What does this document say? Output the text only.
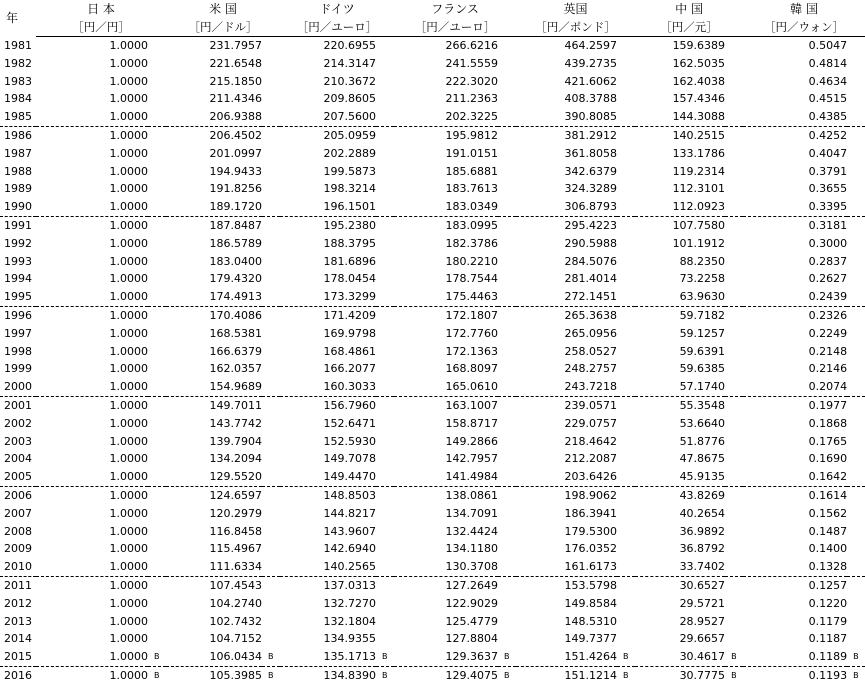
年	日 本		米 国		ドイツ		フランス		英国		中 国		韓 国	
	［円／円］		［円／ドル］		［円／ユーロ］		［円／ユーロ］		［円／ポンド］		［円／元］		［円／ウォン］	
1981	1.0000		231.7957		220.6955		266.6216		464.2597		159.6389		0.5047	
1982	1.0000		221.6548		214.3147		241.5559		439.2735		162.5035		0.4814	
1983	1.0000		215.1850		210.3672		222.3020		421.6062		162.4038		0.4634	
1984	1.0000		211.4346		209.8605		211.2363		408.3788		157.4346		0.4515	
1985	1.0000		206.9388		207.5600		202.3225		390.8085		144.3088		0.4385	
1986	1.0000		206.4502		205.0959		195.9812		381.2912		140.2515		0.4252	
1987	1.0000		201.0997		202.2889		191.0151		361.8058		133.1786		0.4047	
1988	1.0000		194.9433		199.5873		185.6881		342.6379		119.2314		0.3791	
1989	1.0000		191.8256		198.3214		183.7613		324.3289		112.3101		0.3655	
1990	1.0000		189.1720		196.1501		183.0349		306.8793		112.0923		0.3395	
1991	1.0000		187.8487		195.2380		183.0995		295.4223		107.7580		0.3181	
1992	1.0000		186.5789		188.3795		182.3786		290.5988		101.1912		0.3000	
1993	1.0000		183.0400		181.6896		180.2210		284.5076		88.2350		0.2837	
1994	1.0000		179.4320		178.0454		178.7544		281.4014		73.2258		0.2627	
1995	1.0000		174.4913		173.3299		175.4463		272.1451		63.9630		0.2439	
1996	1.0000		170.4086		171.4209		172.1807		265.3638		59.7182		0.2326	
1997	1.0000		168.5381		169.9798		172.7760		265.0956		59.1257		0.2249	
1998	1.0000		166.6379		168.4861		172.1363		258.0527		59.6391		0.2148	
1999	1.0000		162.0357		166.2077		168.8097		248.2757		59.6385		0.2146	
2000	1.0000		154.9689		160.3033		165.0610		243.7218		57.1740		0.2074	
2001	1.0000		149.7011		156.7960		163.1007		239.0571		55.3548		0.1977	
2002	1.0000		143.7742		152.6471		158.8717		229.0757		53.6640		0.1868	
2003	1.0000		139.7904		152.5930		149.2866		218.4642		51.8776		0.1765	
2004	1.0000		134.2094		149.7078		142.7957		212.2087		47.8675		0.1690	
2005	1.0000		129.5520		149.4470		141.4984		203.6426		45.9135		0.1642	
2006	1.0000		124.6597		148.8503		138.0861		198.9062		43.8269		0.1614	
2007	1.0000		120.2979		144.8217		134.7091		186.3941		40.2654		0.1562	
2008	1.0000		116.8458		143.9607		132.4424		179.5300		36.9892		0.1487	
2009	1.0000		115.4967		142.6940		134.1180		176.0352		36.8792		0.1400	
2010	1.0000		111.6334		140.2565		130.3708		161.6173		33.7402		0.1328	
2011	1.0000		107.4543		137.0313		127.2649		153.5798		30.6527		0.1257	
2012	1.0000		104.2740		132.7270		122.9029		149.8584		29.5721		0.1220	
2013	1.0000		102.7432		132.1804		125.4779		148.5310		28.9527		0.1179	
2014	1.0000		104.7152		134.9355		127.8804		149.7377		29.6657		0.1187	
2015	1.0000	B	106.0434	B	135.1713	B	129.3637	B	151.4264	B	30.4617	B	0.1189	B
2016	1.0000	B	105.3985	B	134.8390	B	129.4075	B	151.1214	B	30.7775	B	0.1193	B
